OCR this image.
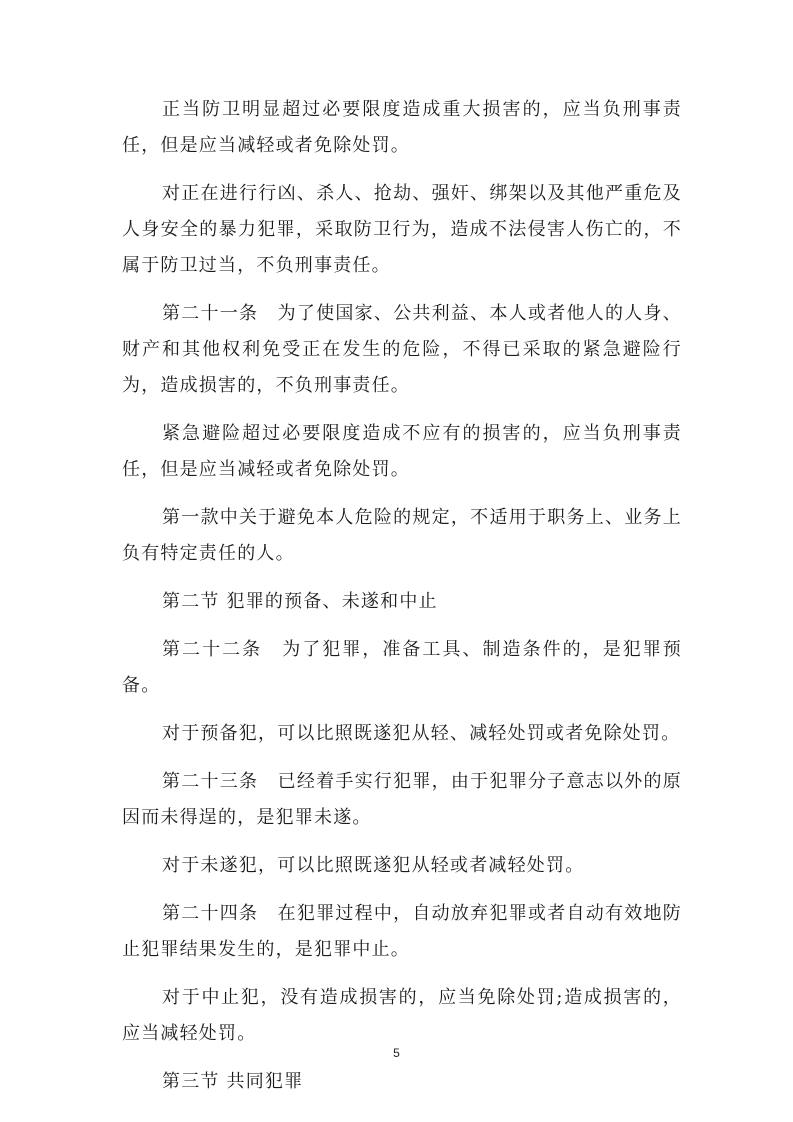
正当防卫明显超过必要限度造成重大损害的，应当负刑事责任，但是应当减轻或者免除处罚。

对正在进行行凶、杀人、抢劫、强奸、绑架以及其他严重危及人身安全的暴力犯罪，采取防卫行为，造成不法侵害人伤亡的，不属于防卫过当，不负刑事责任。

第二十一条　为了使国家、公共利益、本人或者他人的人身、财产和其他权利免受正在发生的危险，不得已采取的紧急避险行为，造成损害的，不负刑事责任。

紧急避险超过必要限度造成不应有的损害的，应当负刑事责任，但是应当减轻或者免除处罚。

第一款中关于避免本人危险的规定，不适用于职务上、业务上负有特定责任的人。

第二节 犯罪的预备、未遂和中止

第二十二条　为了犯罪，准备工具、制造条件的，是犯罪预备。

对于预备犯，可以比照既遂犯从轻、减轻处罚或者免除处罚。

第二十三条　已经着手实行犯罪，由于犯罪分子意志以外的原因而未得逞的，是犯罪未遂。

对于未遂犯，可以比照既遂犯从轻或者减轻处罚。

第二十四条　在犯罪过程中，自动放弃犯罪或者自动有效地防止犯罪结果发生的，是犯罪中止。

对于中止犯，没有造成损害的，应当免除处罚;造成损害的，应当减轻处罚。

第三节 共同犯罪

5
